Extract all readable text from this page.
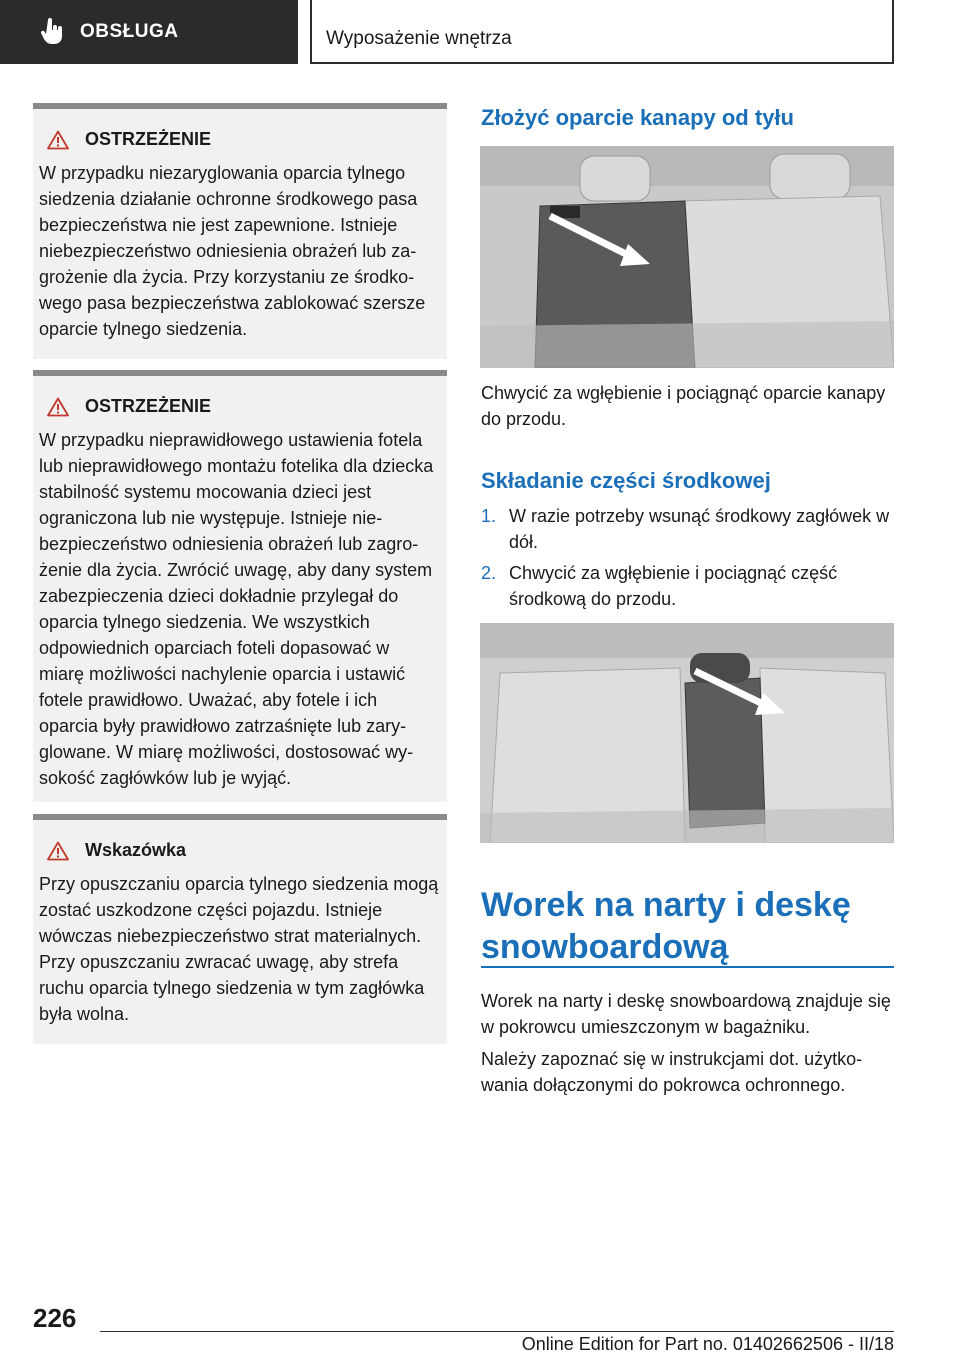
OBSŁUGA	Wyposażenie wnętrza
OSTRZEŻENIE
W przypadku niezaryglowania oparcia tylnego siedzenia działanie ochronne środkowego pasa bezpieczeństwa nie jest zapewnione. Istnieje niebezpieczeństwo odniesienia obrażeń lub zagrożenie dla życia. Przy korzystaniu ze środkowego pasa bezpieczeństwa zablokować szersze oparcie tylnego siedzenia.
OSTRZEŻENIE
W przypadku nieprawidłowego ustawienia fotela lub nieprawidłowego montażu fotelika dla dziecka stabilność systemu mocowania dzieci jest ograniczona lub nie występuje. Istnieje niebezpieczeństwo odniesienia obrażeń lub zagrożenie dla życia. Zwrócić uwagę, aby dany system zabezpieczenia dzieci dokładnie przylegał do oparcia tylnego siedzenia. We wszystkich odpowiednich oparciach foteli dopasować w miarę możliwości nachylenie oparcia i ustawić fotele prawidłowo. Uważać, aby fotele i ich oparcia były prawidłowo zatrzaśnięte lub zaryglowane. W miarę możliwości, dostosować wysokość zagłówków lub je wyjąć.
Wskazówka
Przy opuszczaniu oparcia tylnego siedzenia mogą zostać uszkodzone części pojazdu. Istnieje wówczas niebezpieczeństwo strat materialnych. Przy opuszczaniu zwracać uwagę, aby strefa ruchu oparcia tylnego siedzenia w tym zagłówka była wolna.
Złożyć oparcie kanapy od tyłu
Chwycić za wgłębienie i pociągnąć oparcie kanapy do przodu.
Składanie części środkowej
1. W razie potrzeby wsunąć środkowy zagłówek w dół.
2. Chwycić za wgłębienie i pociągnąć część środkową do przodu.
Worek na narty i deskę snowboardową
Worek na narty i deskę snowboardową znajduje się w pokrowcu umieszczonym w bagażniku.
Należy zapoznać się w instrukcjami dot. użytkowania dołączonymi do pokrowca ochronnego.
226
Online Edition for Part no. 01402662506 - II/18
